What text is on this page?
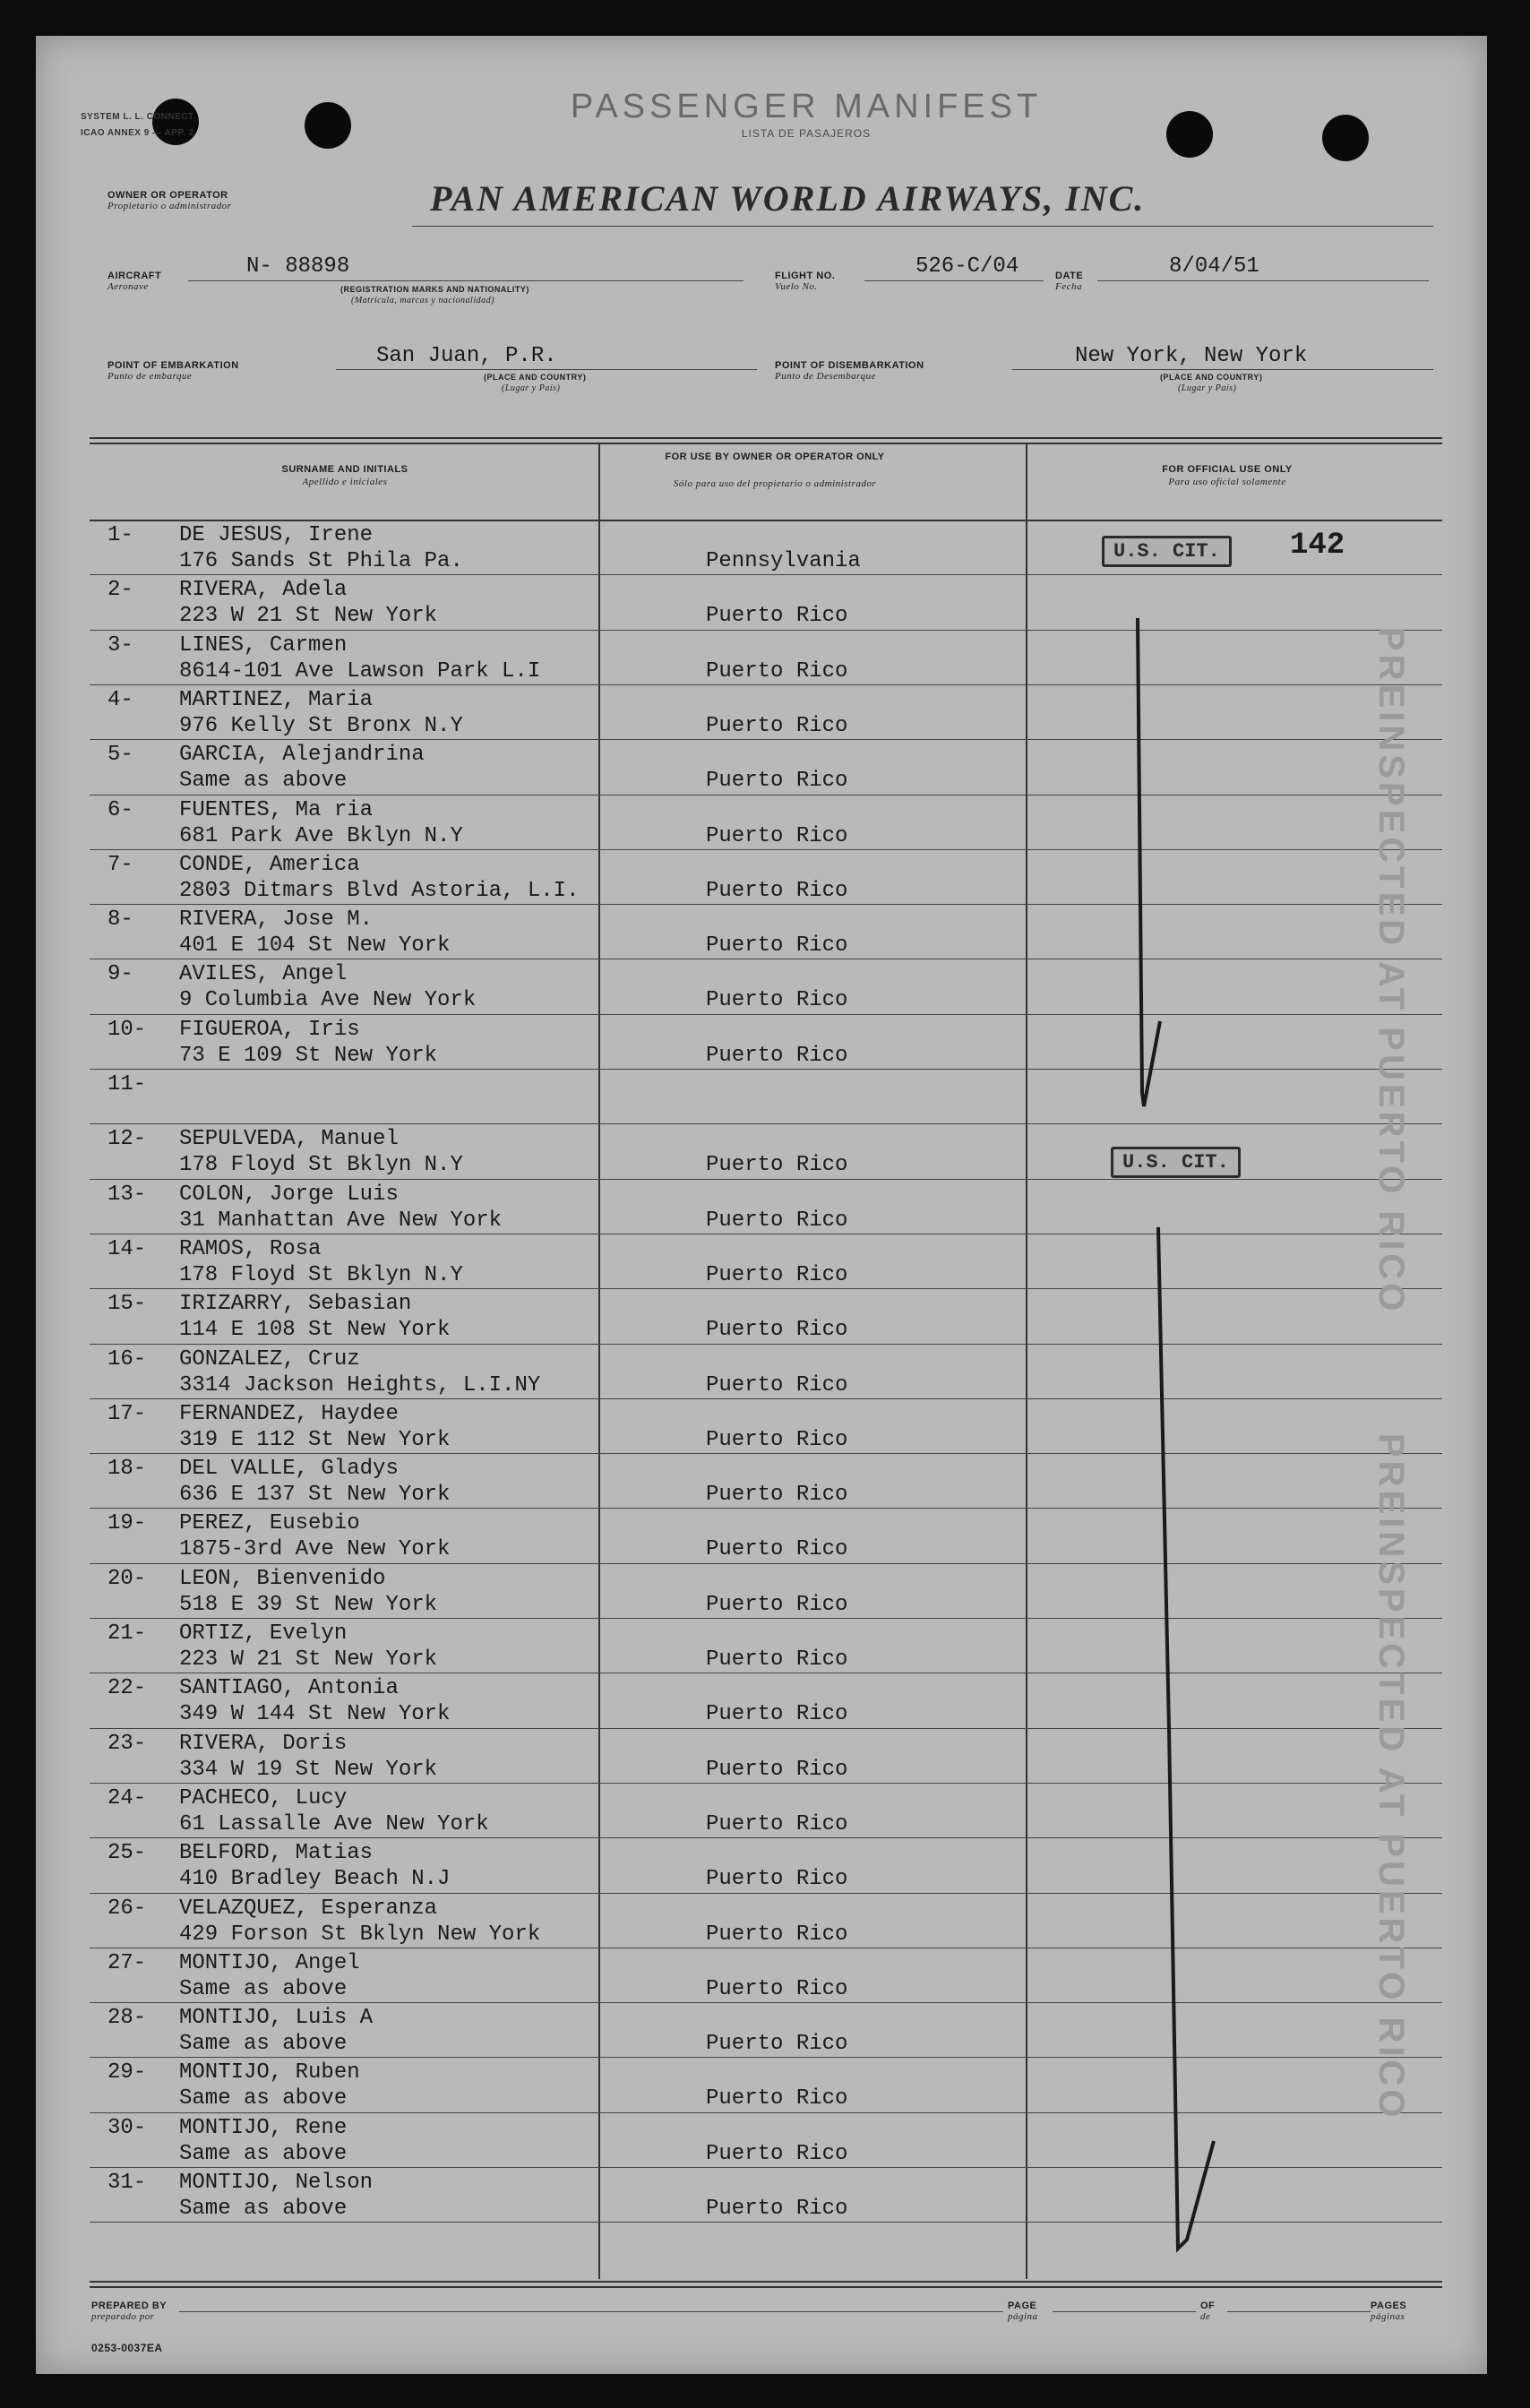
SYSTEM L. L. CONNECT
ICAO ANNEX 9 — APP. 2
PASSENGER MANIFEST
LISTA DE PASAJEROS
OWNER OR OPERATOR
Propietario o administrador	PAN AMERICAN WORLD AIRWAYS, INC.
AIRCRAFT
Aeronave
N- 88898
(REGISTRATION MARKS AND NATIONALITY)
(Matrícula, marcas y nacionalidad)
FLIGHT NO.
Vuelo No.
526-C/04	DATE
Fecha
8/04/51
POINT OF EMBARKATION
Punto de embarque
San Juan, P.R.
(PLACE AND COUNTRY)
(Lugar y País)
POINT OF DISEMBARKATION
Punto de Desembarque
New York, New York
(PLACE AND COUNTRY)
(Lugar y País)
SURNAME AND INITIALS
Apellido e iniciales
FOR USE BY OWNER OR OPERATOR ONLY
Sólo para uso del propietario o administrador
FOR OFFICIAL USE ONLY
Para uso oficial solamente
1- DE JESUS, Irene
176 Sands St Phila Pa.	Pennsylvania
2- RIVERA, Adela
223 W 21 St New York	Puerto Rico
3- LINES, Carmen
8614-101 Ave Lawson Park L.I	Puerto Rico
4- MARTINEZ, Maria
976 Kelly St Bronx N.Y	Puerto Rico
5- GARCIA, Alejandrina
Same as above	Puerto Rico
6- FUENTES, Ma ria
681 Park Ave Bklyn N.Y	Puerto Rico
7- CONDE, America
2803 Ditmars Blvd Astoria, L.I.	Puerto Rico
8- RIVERA, Jose M.
401 E 104 St New York	Puerto Rico
9- AVILES, Angel
9 Columbia Ave New York	Puerto Rico
10- FIGUEROA, Iris
73 E 109 St New York	Puerto Rico
11-
12- SEPULVEDA, Manuel
178 Floyd St Bklyn N.Y	Puerto Rico
13- COLON, Jorge Luis
31 Manhattan Ave New York	Puerto Rico
14- RAMOS, Rosa
178 Floyd St Bklyn N.Y	Puerto Rico
15- IRIZARRY, Sebasian
114 E 108 St New York	Puerto Rico
16- GONZALEZ, Cruz
3314 Jackson Heights, L.I.NY	Puerto Rico
17- FERNANDEZ, Haydee
319 E 112 St New York	Puerto Rico
18- DEL VALLE, Gladys
636 E 137 St New York	Puerto Rico
19- PEREZ, Eusebio
1875-3rd Ave New York	Puerto Rico
20- LEON, Bienvenido
518 E 39 St New York	Puerto Rico
21- ORTIZ, Evelyn
223 W 21 St New York	Puerto Rico
22- SANTIAGO, Antonia
349 W 144 St New York	Puerto Rico
23- RIVERA, Doris
334 W 19 St New York	Puerto Rico
24- PACHECO, Lucy
61 Lassalle Ave New York	Puerto Rico
25- BELFORD, Matias
410 Bradley Beach N.J	Puerto Rico
26- VELAZQUEZ, Esperanza
429 Forson St Bklyn New York	Puerto Rico
27- MONTIJO, Angel
Same as above	Puerto Rico
28- MONTIJO, Luis A
Same as above	Puerto Rico
29- MONTIJO, Ruben
Same as above	Puerto Rico
30- MONTIJO, Rene
Same as above	Puerto Rico
31- MONTIJO, Nelson
Same as above	Puerto Rico
U.S. CIT.	142
U.S. CIT.	PREINSPECTED AT PUERTO RICO
PREINSPECTED AT PUERTO RICO
PREPARED BY
preparado por
PAGE
página
OF
de
PAGES
páginas
0253-0037EA
